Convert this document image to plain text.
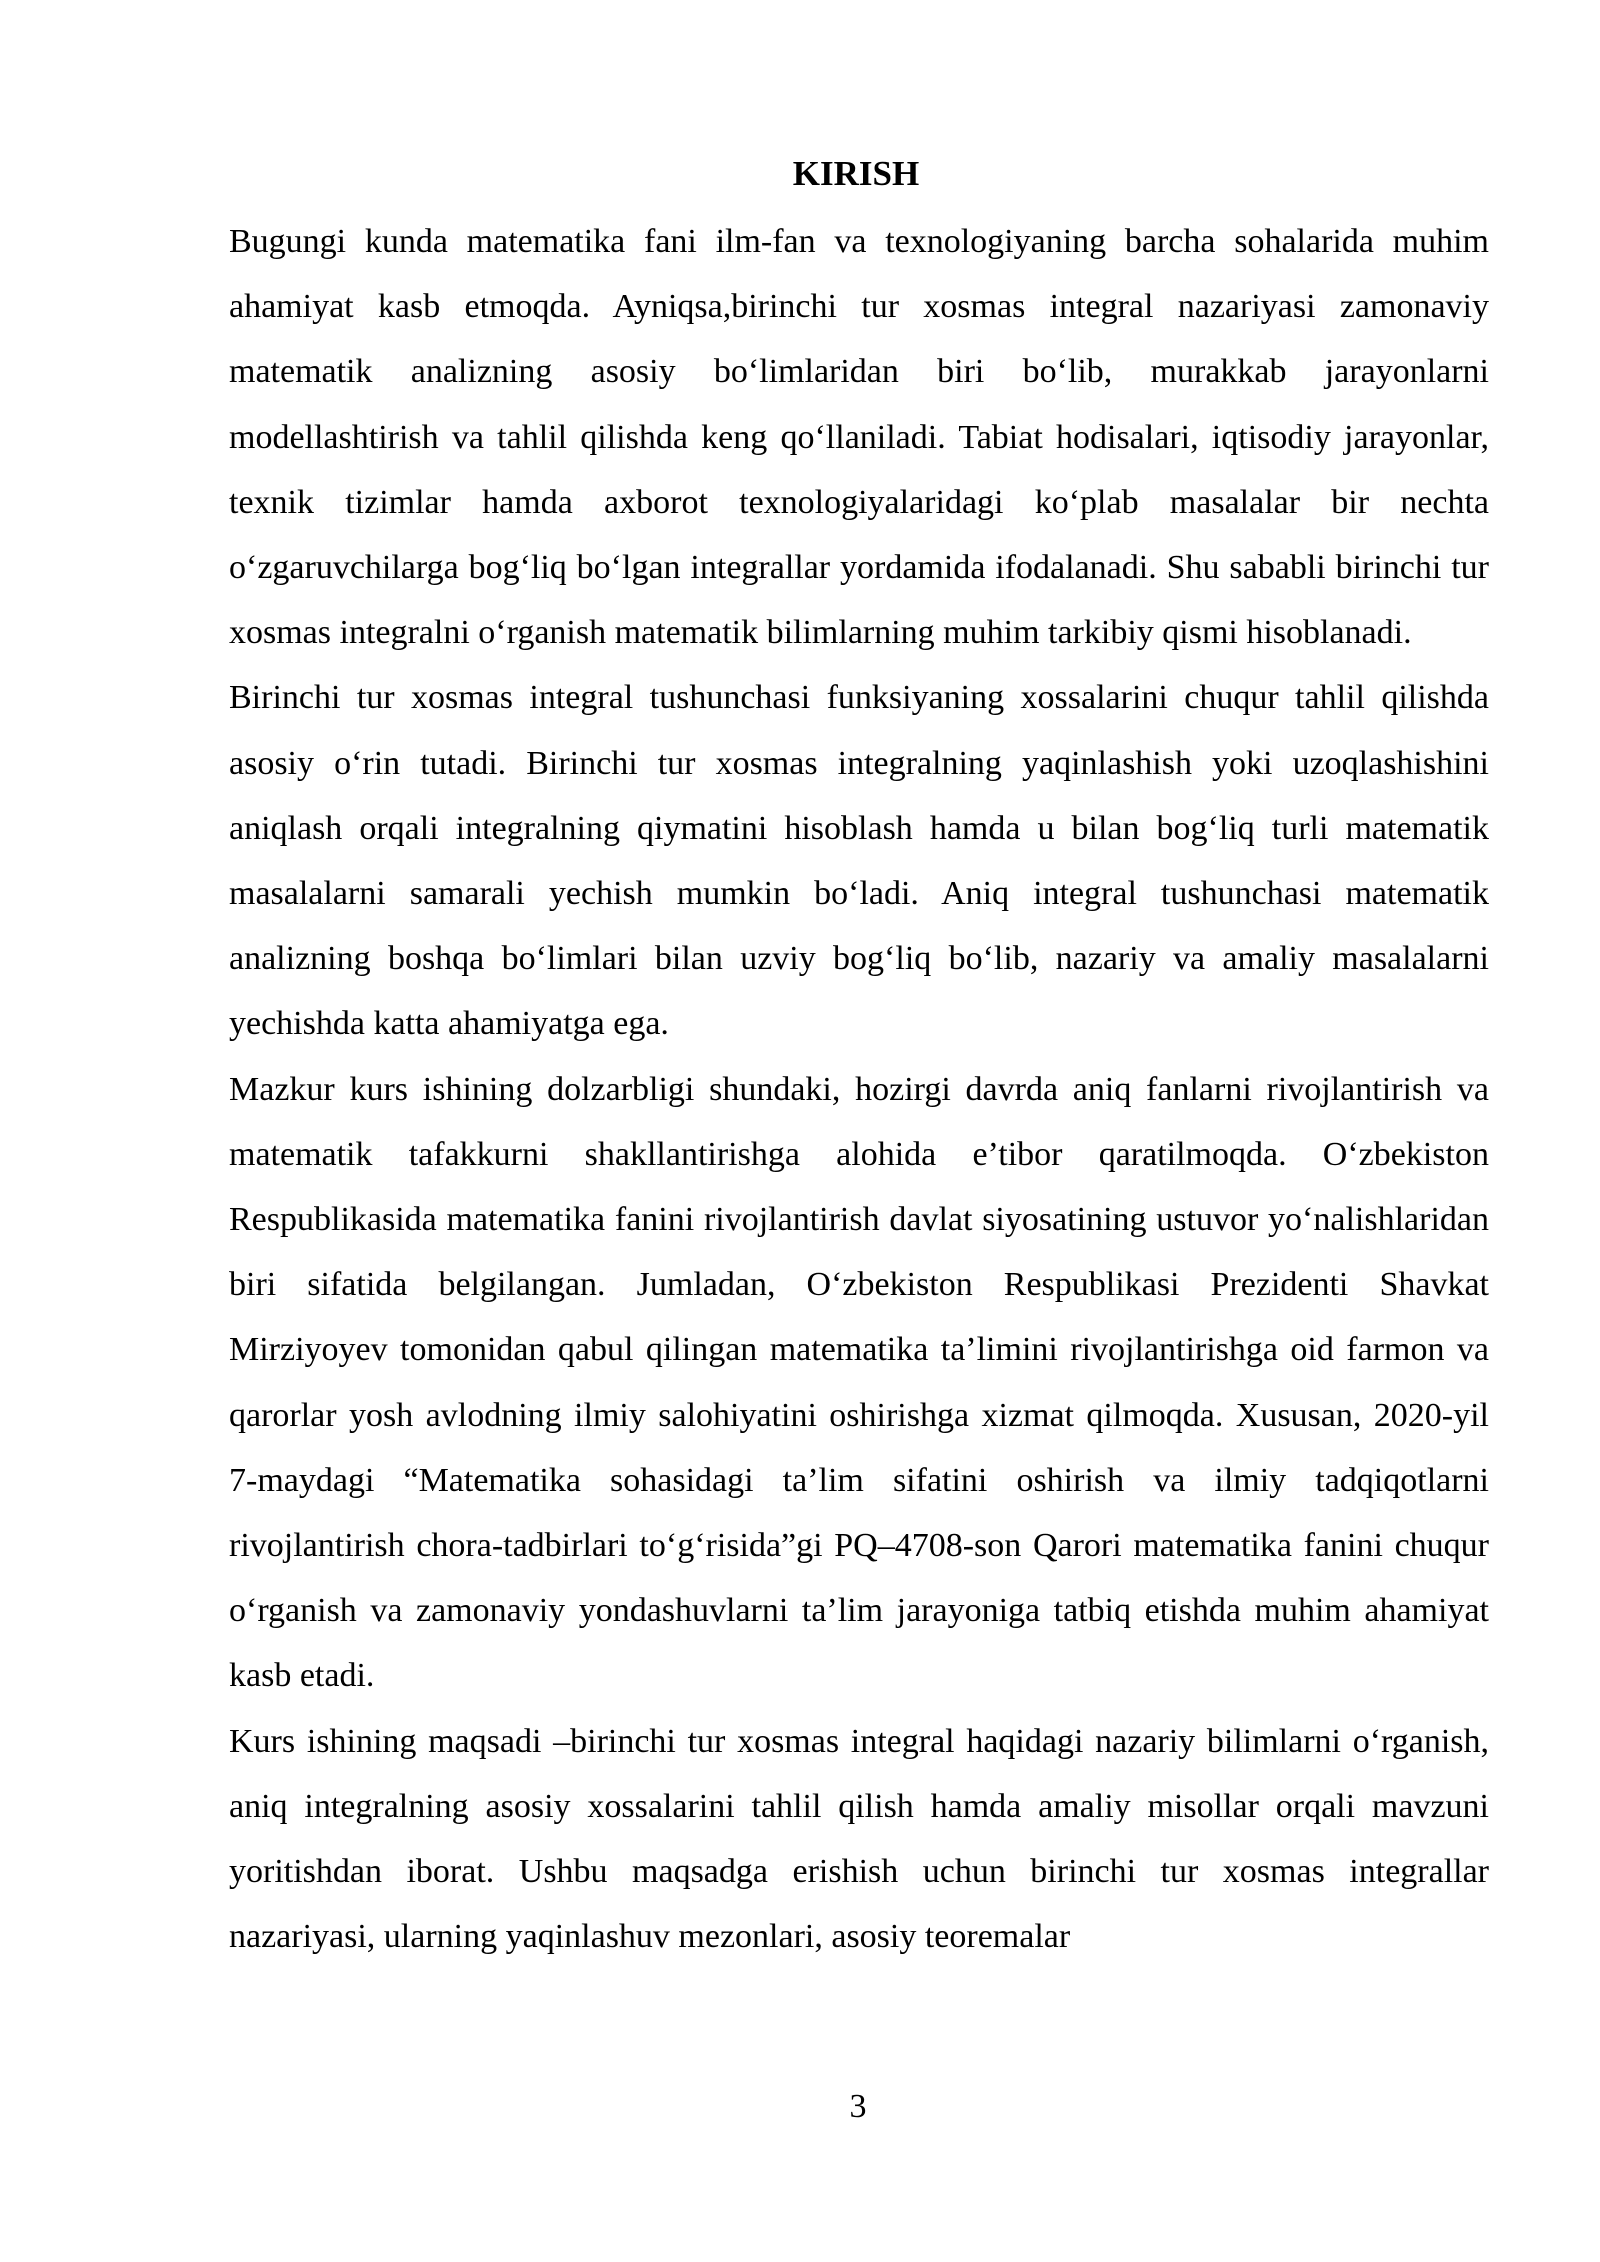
KIRISH

Bugungi kunda matematika fani ilm-fan va texnologiyaning barcha sohalarida muhim ahamiyat kasb etmoqda. Ayniqsa,birinchi tur xosmas integral nazariyasi zamonaviy matematik analizning asosiy bo‘limlaridan biri bo‘lib, murakkab jarayonlarni modellashtirish va tahlil qilishda keng qo‘llaniladi. Tabiat hodisalari, iqtisodiy jarayonlar, texnik tizimlar hamda axborot texnologiyalaridagi ko‘plab masalalar bir nechta o‘zgaruvchilarga bog‘liq bo‘lgan integrallar yordamida ifodalanadi. Shu sababli birinchi tur xosmas integralni o‘rganish matematik bilimlarning muhim tarkibiy qismi hisoblanadi.

Birinchi tur xosmas integral tushunchasi funksiyaning xossalarini chuqur tahlil qilishda asosiy o‘rin tutadi. Birinchi tur xosmas integralning yaqinlashish yoki uzoqlashishini aniqlash orqali integralning qiymatini hisoblash hamda u bilan bog‘liq turli matematik masalalarni samarali yechish mumkin bo‘ladi. Aniq integral tushunchasi matematik analizning boshqa bo‘limlari bilan uzviy bog‘liq bo‘lib, nazariy va amaliy masalalarni yechishda katta ahamiyatga ega.

Mazkur kurs ishining dolzarbligi shundaki, hozirgi davrda aniq fanlarni rivojlantirish va matematik tafakkurni shakllantirishga alohida e’tibor qaratilmoqda. O‘zbekiston Respublikasida matematika fanini rivojlantirish davlat siyosatining ustuvor yo‘nalishlaridan biri sifatida belgilangan. Jumladan, O‘zbekiston Respublikasi Prezidenti Shavkat Mirziyoyev tomonidan qabul qilingan matematika ta’limini rivojlantirishga oid farmon va qarorlar yosh avlodning ilmiy salohiyatini oshirishga xizmat qilmoqda. Xususan, 2020-yil 7-maydagi “Matematika sohasidagi ta’lim sifatini oshirish va ilmiy tadqiqotlarni rivojlantirish chora-tadbirlari to‘g‘risida”gi PQ–4708-son Qarori matematika fanini chuqur o‘rganish va zamonaviy yondashuvlarni ta’lim jarayoniga tatbiq etishda muhim ahamiyat kasb etadi.

Kurs ishining maqsadi –birinchi tur xosmas integral haqidagi nazariy bilimlarni o‘rganish, aniq integralning asosiy xossalarini tahlil qilish hamda amaliy misollar orqali mavzuni yoritishdan iborat. Ushbu maqsadga erishish uchun birinchi tur xosmas integrallar nazariyasi, ularning yaqinlashuv mezonlari, asosiy teoremalar

3
